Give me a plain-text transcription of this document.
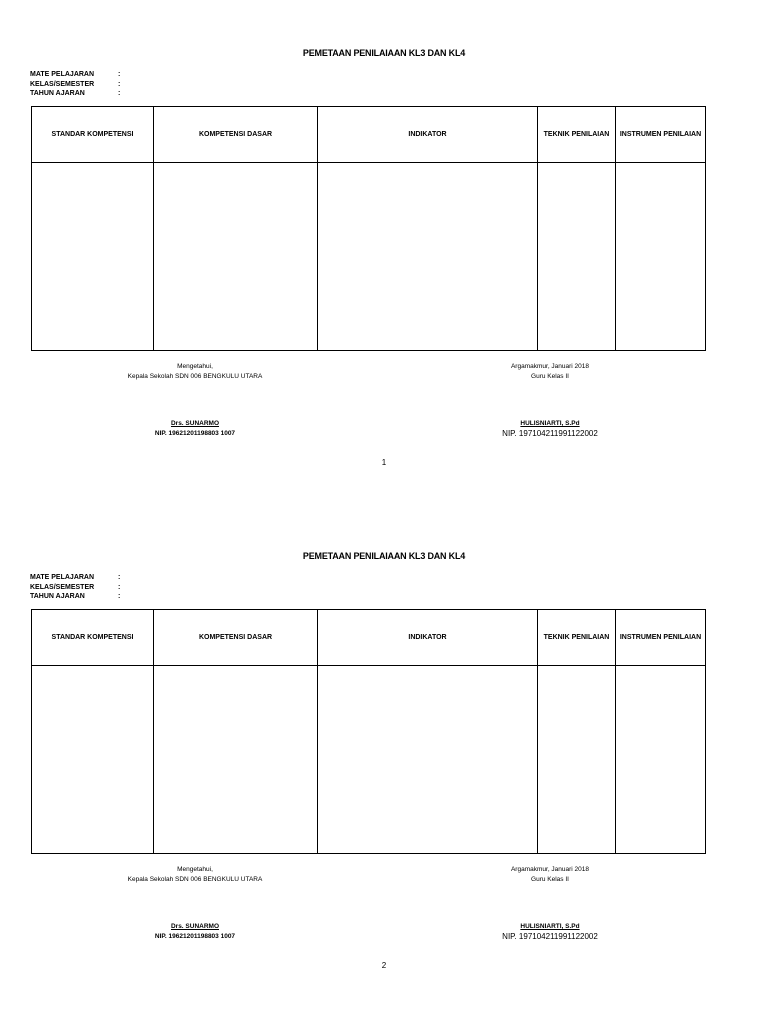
PEMETAAN PENILAIAAN KL3 DAN KL4
MATE PELAJARAN	:
KELAS/SEMESTER	:
TAHUN AJARAN	:
STANDAR KOMPETENSI	KOMPETENSI DASAR	INDIKATOR	TEKNIK PENILAIAN	INSTRUMEN PENILAIAN

Mengetahui,
Kepala Sekolah SDN 006 BENGKULU UTARA
Drs. SUNARMO
NIP. 19621201198803 1007
Argamakmur, Januari 2018
Guru Kelas II
HULISNIARTI, S.Pd
NIP. 197104211991122002
1
PEMETAAN PENILAIAAN KL3 DAN KL4
MATE PELAJARAN	:
KELAS/SEMESTER	:
TAHUN AJARAN	:
STANDAR KOMPETENSI	KOMPETENSI DASAR	INDIKATOR	TEKNIK PENILAIAN	INSTRUMEN PENILAIAN

Mengetahui,
Kepala Sekolah SDN 006 BENGKULU UTARA
Drs. SUNARMO
NIP. 19621201198803 1007
Argamakmur, Januari 2018
Guru Kelas II
HULISNIARTI, S.Pd
NIP. 197104211991122002
2
